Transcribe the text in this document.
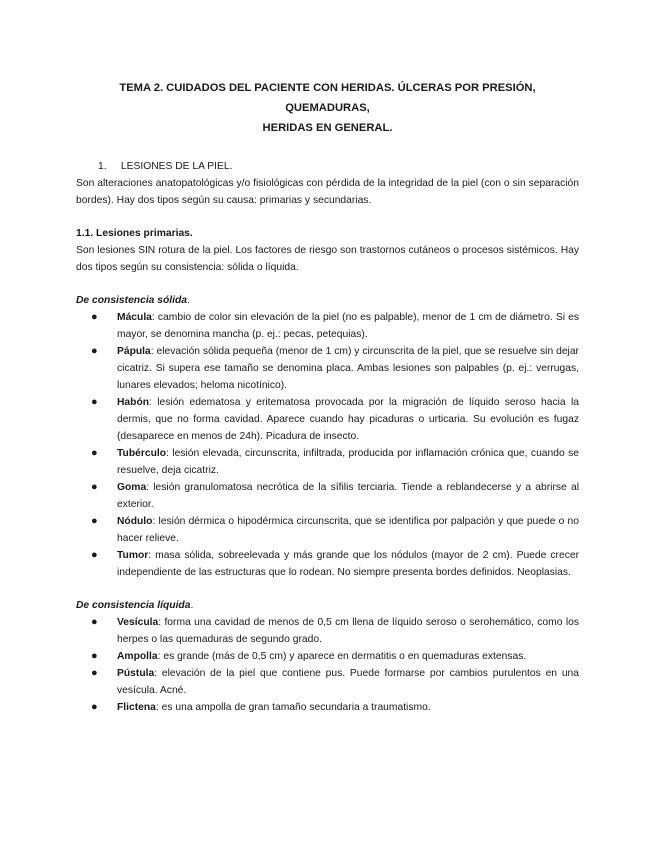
TEMA 2. CUIDADOS DEL PACIENTE CON HERIDAS. ÚLCERAS POR PRESIÓN, QUEMADURAS,
HERIDAS EN GENERAL.
1. LESIONES DE LA PIEL.

Son alteraciones anatopatológicas y/o fisiológicas con pérdida de la integridad de la piel (con o sin separación bordes). Hay dos tipos según su causa: primarias y secundarias.

1.1. Lesiones primarias.

Son lesiones SIN rotura de la piel. Los factores de riesgo son trastornos cutáneos o procesos sistémicos. Hay dos tipos según su consistencia: sólida o líquida.

De consistencia sólida.
● Mácula: cambio de color sin elevación de la piel (no es palpable), menor de 1 cm de diámetro. Si es mayor, se denomina mancha (p. ej.: pecas, petequias).
● Pápula: elevación sólida pequeña (menor de 1 cm) y circunscrita de la piel, que se resuelve sin dejar cicatriz. Si supera ese tamaño se denomina placa. Ambas lesiones son palpables (p. ej.: verrugas, lunares elevados; heloma nicotínico).
● Habón: lesión edematosa y eritematosa provocada por la migración de líquido seroso hacia la dermis, que no forma cavidad. Aparece cuando hay picaduras o urticaria. Su evolución es fugaz (desaparece en menos de 24h). Picadura de insecto.
● Tubérculo: lesión elevada, circunscrita, infiltrada, producida por inflamación crónica que, cuando se resuelve, deja cicatriz.
● Goma: lesión granulomatosa necrótica de la sífilis terciaria. Tiende a reblandecerse y a abrirse al exterior.
● Nódulo: lesión dérmica o hipodérmica circunscrita, que se identifica por palpación y que puede o no hacer relieve.
● Tumor: masa sólida, sobreelevada y más grande que los nódulos (mayor de 2 cm). Puede crecer independiente de las estructuras que lo rodean. No siempre presenta bordes definidos. Neoplasias.
De consistencia líquida.
● Vesícula: forma una cavidad de menos de 0,5 cm llena de líquido seroso o serohemático, como los herpes o las quemaduras de segundo grado.
● Ampolla: es grande (más de 0,5 cm) y aparece en dermatitis o en quemaduras extensas.
● Pústula: elevación de la piel que contiene pus. Puede formarse por cambios purulentos en una vesícula. Acné.
● Flictena: es una ampolla de gran tamaño secundaria a traumatismo.
